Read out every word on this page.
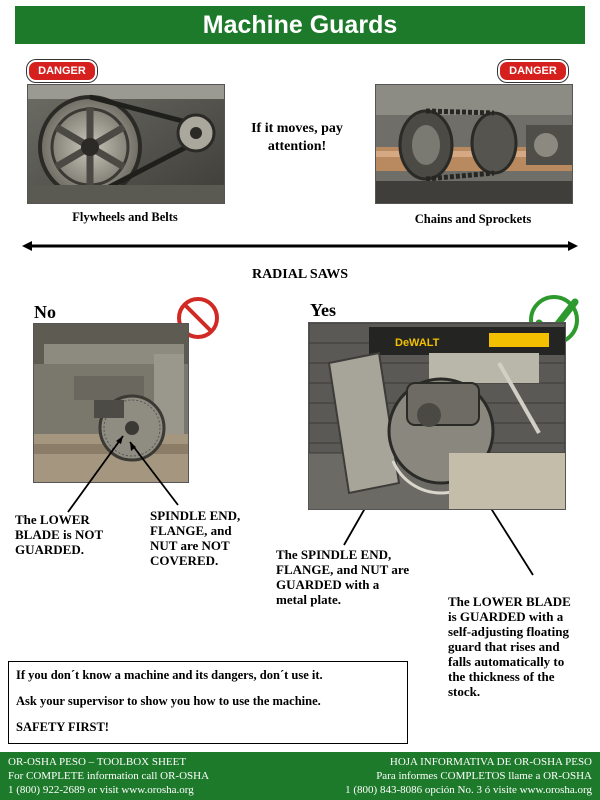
Machine Guards
DANGER	DANGER
Flywheels and Belts
If it moves, pay
attention!
Chains and Sprockets
RADIAL SAWS
No
The LOWER
BLADE is NOT
GUARDED.
SPINDLE END,
FLANGE, and
NUT are NOT
COVERED.
Yes
DeWALT
The SPINDLE END,
FLANGE, and NUT are
GUARDED with a
metal plate.	The LOWER BLADE
is GUARDED with a
self-adjusting floating
guard that rises and
falls automatically to
the thickness of the
stock.

If you don´t know a machine and its dangers, don´t use it.

Ask your supervisor to show you how to use the machine.

SAFETY FIRST!

OR-OSHA PESO – TOOLBOX SHEET
For COMPLETE information call OR-OSHA
1 (800) 922-2689 or visit www.orosha.org
HOJA INFORMATIVA DE OR-OSHA PESO
Para informes COMPLETOS llame a OR-OSHA
1 (800) 843-8086 opción No. 3 ó visite www.orosha.org
